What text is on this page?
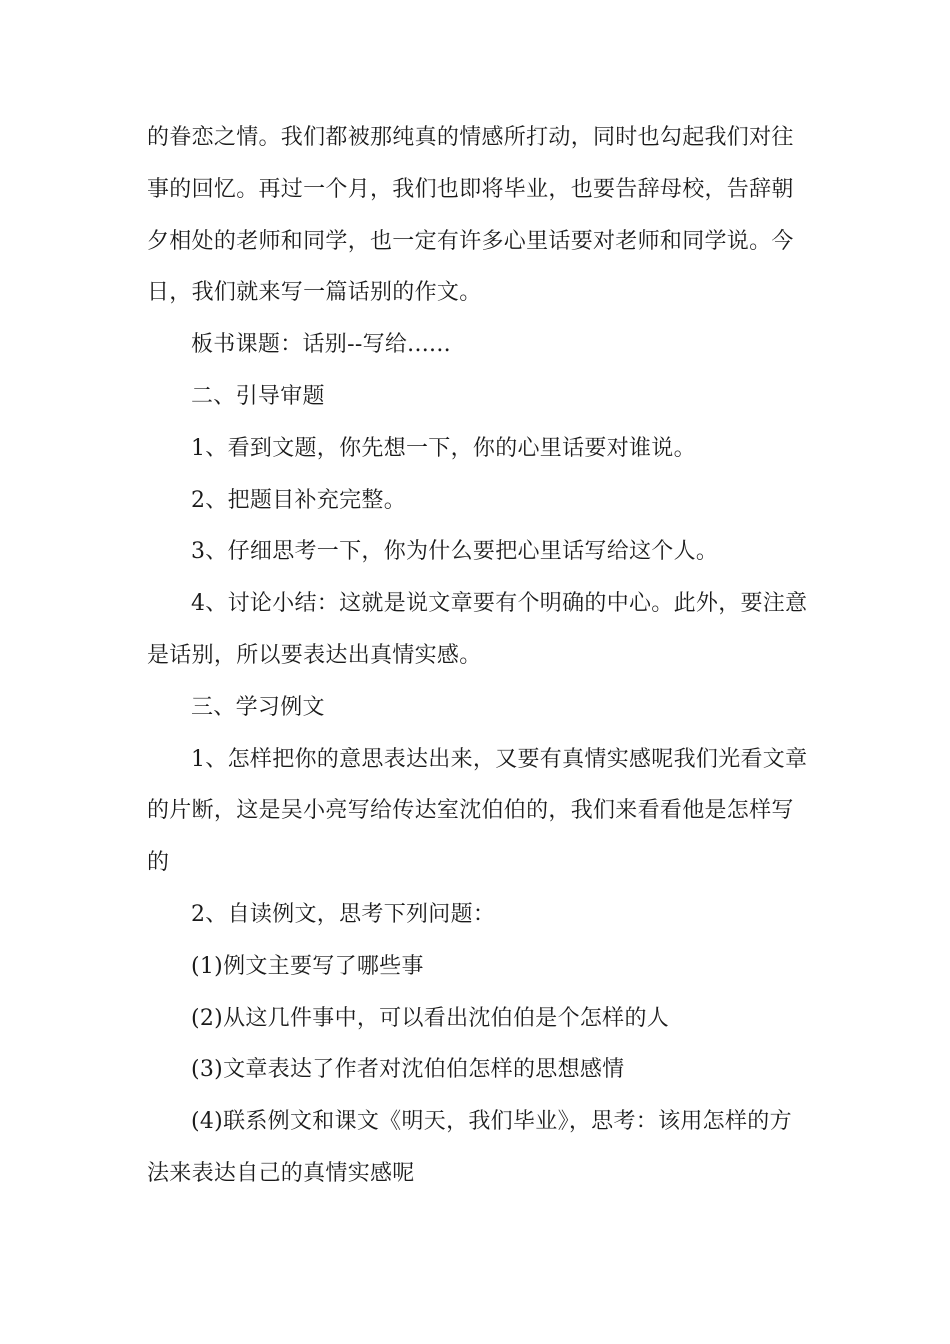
的眷恋之情。我们都被那纯真的情感所打动，同时也勾起我们对往事的回忆。再过一个月，我们也即将毕业，也要告辞母校，告辞朝夕相处的老师和同学，也一定有许多心里话要对老师和同学说。今日，我们就来写一篇话别的作文。

板书课题：话别--写给......

二、引导审题

1、看到文题，你先想一下，你的心里话要对谁说。

2、把题目补充完整。

3、仔细思考一下，你为什么要把心里话写给这个人。

4、讨论小结：这就是说文章要有个明确的中心。此外，要注意是话别，所以要表达出真情实感。

三、学习例文

1、怎样把你的意思表达出来，又要有真情实感呢我们光看文章的片断，这是吴小亮写给传达室沈伯伯的，我们来看看他是怎样写的

2、自读例文，思考下列问题：

(1)例文主要写了哪些事

(2)从这几件事中，可以看出沈伯伯是个怎样的人

(3)文章表达了作者对沈伯伯怎样的思想感情

(4)联系例文和课文《明天，我们毕业》，思考：该用怎样的方法来表达自己的真情实感呢
